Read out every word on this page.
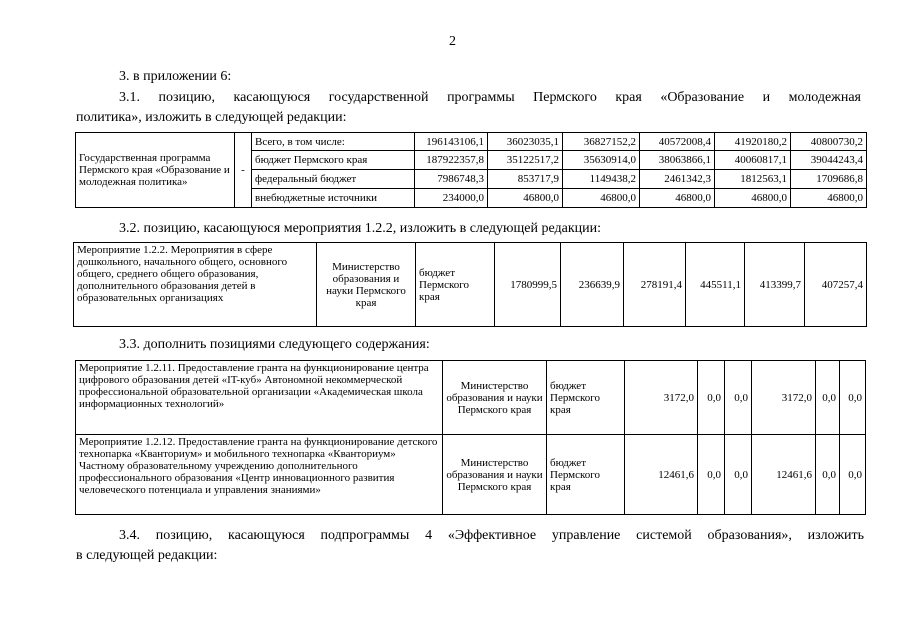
2
3. в приложении 6:
3.1. позицию, касающуюся государственной программы Пермского края «Образование и молодежная
политика», изложить в следующей редакции:
Государственная программа Пермского края «Образование и молодежная политика»	-	Всего, в том числе:	196143106,1	36023035,1	36827152,2	40572008,4	41920180,2	40800730,2
		бюджет Пермского края	187922357,8	35122517,2	35630914,0	38063866,1	40060817,1	39044243,4
		федеральный бюджет	7986748,3	853717,9	1149438,2	2461342,3	1812563,1	1709686,8
		внебюджетные источники	234000,0	46800,0	46800,0	46800,0	46800,0	46800,0
3.2. позицию, касающуюся мероприятия 1.2.2, изложить в следующей редакции:
Мероприятие 1.2.2. Мероприятия в сфере дошкольного, начального общего, основного общего, среднего общего образования, дополнительного образования детей в образовательных организациях	Министерство образования и науки Пермского края	бюджет Пермского края	1780999,5	236639,9	278191,4	445511,1	413399,7	407257,4
3.3. дополнить позициями следующего содержания:
Мероприятие 1.2.11. Предоставление гранта на функционирование центра цифрового образования детей «IT-куб» Автономной некоммерческой профессиональной образовательной организации «Академическая школа информационных технологий»	Министерство образования и науки Пермского края	бюджет Пермского края	3172,0	0,0	0,0	3172,0	0,0	0,0
Мероприятие 1.2.12. Предоставление гранта на функционирование детского технопарка «Кванториум» и мобильного технопарка «Кванториум» Частному образовательному учреждению дополнительного профессионального образования «Центр инновационного развития человеческого потенциала и управления знаниями»	Министерство образования и науки Пермского края	бюджет Пермского края	12461,6	0,0	0,0	12461,6	0,0	0,0
3.4. позицию, касающуюся подпрограммы 4 «Эффективное управление системой образования», изложить
в следующей редакции:
